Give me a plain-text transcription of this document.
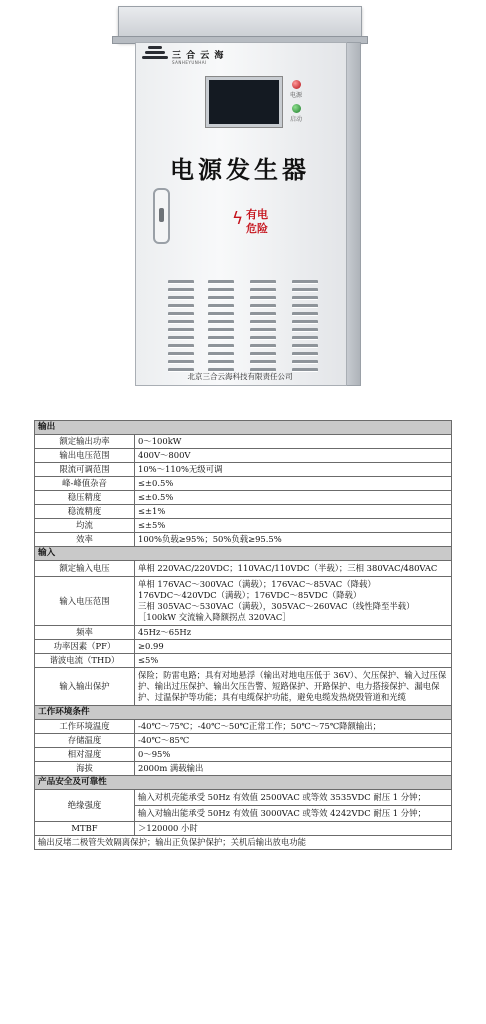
三 合 云 海
SANHEYUNHAI
电源
启动
电源发生器
ϟ 有电
危险
北京三合云海科技有限责任公司
输出	
额定输出功率	0～100kW
输出电压范围	400V～800V
限流可调范围	10%～110%无级可调
峰-峰值杂音	≤±0.5%
稳压精度	≤±0.5%
稳流精度	≤±1%
均流	≤±5%
效率	100%负载≥95%；50%负载≥95.5%
输入	
额定输入电压	单相 220VAC/220VDC；110VAC/110VDC（半载）；三相 380VAC/480VAC
输入电压范围	单相 176VAC～300VAC（满载）；176VAC～85VAC（降载）
176VDC～420VDC（满载）；176VDC～85VDC（降载）
三相 305VAC～530VAC（满载），305VAC～260VAC（线性降至半载）［100kW 交流输入降额拐点 320VAC］

频率	45Hz～65Hz
功率因素（PF）	≥0.99
谐波电流（THD）	≤5%
输入输出保护	保险；防雷电路；具有对地悬浮（输出对地电压低于 36V）、欠压保护、输入过压保护、输出过压保护、输出欠压告警、短路保护、开路保护、电力搭接保护、漏电保护、过温保护等功能；具有电缆保护功能，避免电缆发热烧毁管道和光缆
工作环境条件	
工作环境温度	-40℃～75℃；-40℃～50℃正常工作；50℃～75℃降额输出；
存储温度	-40℃～85℃
相对湿度	0～95%
海拔	2000m 满载输出
产品安全及可靠性	
绝缘强度	输入对机壳能承受 50Hz 有效值 2500VAC 或等效 3535VDC 耐压 1 分钟；
	输入对输出能承受 50Hz 有效值 3000VAC 或等效 4242VDC 耐压 1 分钟；
MTBF	＞120000 小时
输出反堵二极管失效隔离保护；输出正负保护保护；关机后输出放电功能	
